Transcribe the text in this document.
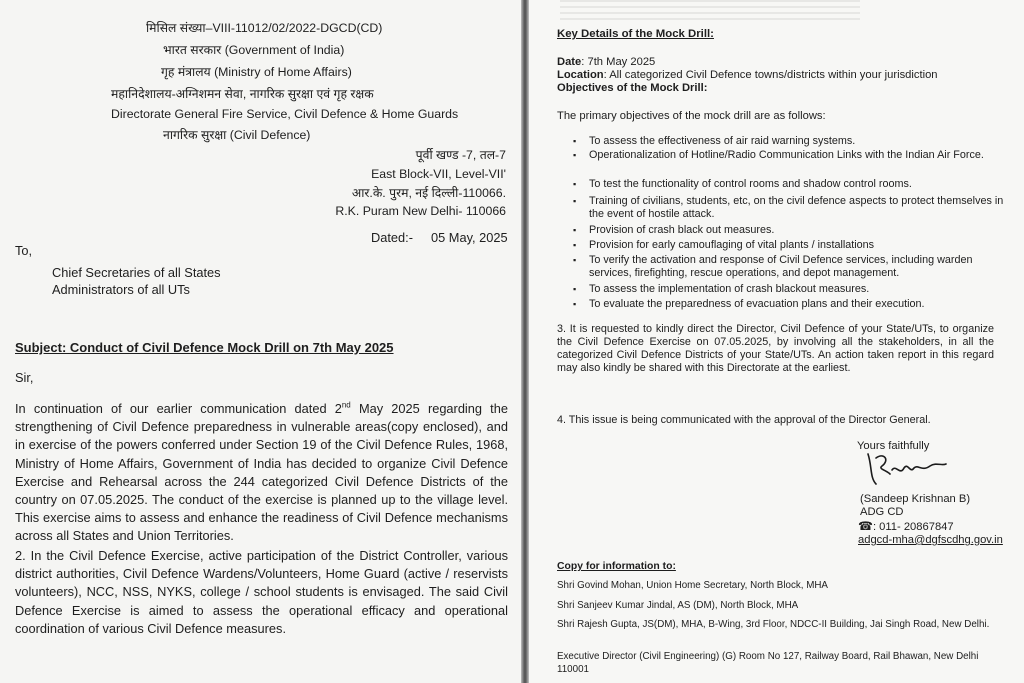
मिसिल संख्या–VIII-11012/02/2022-DGCD(CD)
भारत सरकार (Government of India)
गृह मंत्रालय (Ministry of Home Affairs)
महानिदेशालय-अग्निशमन सेवा, नागरिक सुरक्षा एवं गृह रक्षक
Directorate General Fire Service, Civil Defence & Home Guards
नागरिक सुरक्षा (Civil Defence)
पूर्वी खण्ड -7, तल-7
East Block-VII, Level-VII'
आर.के. पुरम, नई दिल्ली-110066.
R.K. Puram New Delhi- 110066
Dated:- 05 May, 2025
To,
Chief Secretaries of all States
Administrators of all UTs
Subject: Conduct of Civil Defence Mock Drill on 7th May 2025
Sir,
In continuation of our earlier communication dated 2nd May 2025 regarding the strengthening of Civil Defence preparedness in vulnerable areas(copy enclosed), and in exercise of the powers conferred under Section 19 of the Civil Defence Rules, 1968, Ministry of Home Affairs, Government of India has decided to organize Civil Defence Exercise and Rehearsal across the 244 categorized Civil Defence Districts of the country on 07.05.2025. The conduct of the exercise is planned up to the village level. This exercise aims to assess and enhance the readiness of Civil Defence mechanisms across all States and Union Territories.
2. In the Civil Defence Exercise, active participation of the District Controller, various district authorities, Civil Defence Wardens/Volunteers, Home Guard (active / reservists volunteers), NCC, NSS, NYKS, college / school students is envisaged. The said Civil Defence Exercise is aimed to assess the operational efficacy and operational coordination of various Civil Defence measures.
Key Details of the Mock Drill:
Date: 7th May 2025
Location: All categorized Civil Defence towns/districts within your jurisdiction
Objectives of the Mock Drill:
The primary objectives of the mock drill are as follows:
▪ To assess the effectiveness of air raid warning systems.
▪ Operationalization of Hotline/Radio Communication Links with the Indian Air Force.
▪ To test the functionality of control rooms and shadow control rooms.
▪ Training of civilians, students, etc, on the civil defence aspects to protect themselves in the event of hostile attack.
▪ Provision of crash black out measures.
▪ Provision for early camouflaging of vital plants / installations
▪ To verify the activation and response of Civil Defence services, including warden services, firefighting, rescue operations, and depot management.
▪ To assess the implementation of crash blackout measures.
▪ To evaluate the preparedness of evacuation plans and their execution.
3. It is requested to kindly direct the Director, Civil Defence of your State/UTs, to organize the Civil Defence Exercise on 07.05.2025, by involving all the stakeholders, in all the categorized Civil Defence Districts of your State/UTs. An action taken report in this regard may also kindly be shared with this Directorate at the earliest.
4. This issue is being communicated with the approval of the Director General.
Yours faithfully
(Sandeep Krishnan B)
ADG CD
☎: 011- 20867847
adgcd-mha@dgfscdhg.gov.in
Copy for information to:
Shri Govind Mohan, Union Home Secretary, North Block, MHA
Shri Sanjeev Kumar Jindal, AS (DM), North Block, MHA
Shri Rajesh Gupta, JS(DM), MHA, B-Wing, 3rd Floor, NDCC-II Building, Jai Singh Road, New Delhi.
Executive Director (Civil Engineering) (G) Room No 127, Railway Board, Rail Bhawan, New Delhi 110001
